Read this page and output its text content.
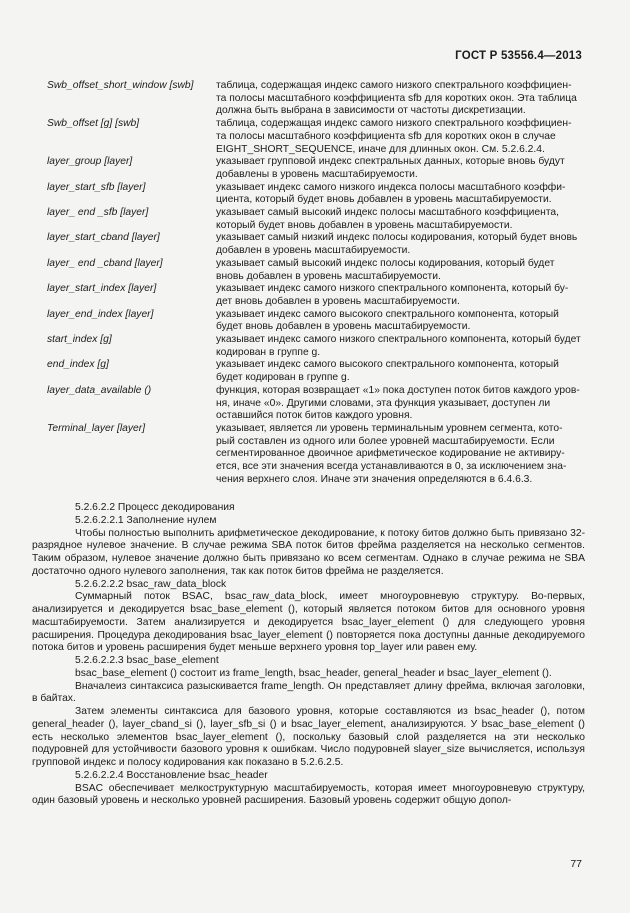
ГОСТ Р 53556.4—2013
Swb_offset_short_window [swb]	таблица, содержащая индекс самого низкого спектрального коэффициен-
та полосы масштабного коэффициента sfb для коротких окон. Эта таблица
должна быть выбрана в зависимости от частоты дискретизации.
Swb_offset [g] [swb]	таблица, содержащая индекс самого низкого спектрального коэффициен-
та полосы масштабного коэффициента sfb для коротких окон в случае
EIGHT_SHORT_SEQUENCE, иначе для длинных окон. См. 5.2.6.2.4.
layer_group [layer]	указывает групповой индекс спектральных данных, которые вновь будут
добавлены в уровень масштабируемости.
layer_start_sfb [layer]	указывает индекс самого низкого индекса полосы масштабного коэффи-
циента, который будет вновь добавлен в уровень масштабируемости.
layer_ end _sfb [layer]	указывает самый высокий индекс полосы масштабного коэффициента,
который будет вновь добавлен в уровень масштабируемости.
layer_start_cband [layer]	указывает самый низкий индекс полосы кодирования, который будет вновь
добавлен в уровень масштабируемости.
layer_ end _cband [layer]	указывает самый высокий индекс полосы кодирования, который будет
вновь добавлен в уровень масштабируемости.
layer_start_index [layer]	указывает индекс самого низкого спектрального компонента, который бу-
дет вновь добавлен в уровень масштабируемости.
layer_end_index [layer]	указывает индекс самого высокого спектрального компонента, который
будет вновь добавлен в уровень масштабируемости.
start_index [g]	указывает индекс самого низкого спектрального компонента, который будет
кодирован в группе g.
end_index [g]	указывает индекс самого высокого спектрального компонента, который
будет кодирован в группе g.
layer_data_available ()	функция, которая возвращает «1» пока доступен поток битов каждого уров-
ня, иначе «0». Другими словами, эта функция указывает, доступен ли
оставшийся поток битов каждого уровня.
Terminal_layer [layer]	указывает, является ли уровень терминальным уровнем сегмента, кото-
рый составлен из одного или более уровней масштабируемости. Если
сегментированное двоичное арифметическое кодирование не активиру-
ется, все эти значения всегда устанавливаются в 0, за исключением зна-
чения верхнего слоя. Иначе эти значения определяются в 6.4.6.3.

5.2.6.2.2 Процесс декодирования

5.2.6.2.2.1 Заполнение нулем

Чтобы полностью выполнить арифметическое декодирование, к потоку битов должно быть привязано 32-разрядное нулевое значение. В случае режима SBA поток битов фрейма разделяется на несколько сегментов. Таким образом, нулевое значение должно быть привязано ко всем сегментам. Однако в случае режима не SBA достаточно одного нулевого заполнения, так как поток битов фрейма не разделяется.

5.2.6.2.2.2 bsac_raw_data_block

Суммарный поток BSAC, bsac_raw_data_block, имеет многоуровневую структуру. Во-первых, анализируется и декодируется bsac_base_element (), который является потоком битов для основного уровня масштабируемости. Затем анализируется и декодируется bsac_layer_element () для следующего уровня расширения. Процедура декодирования bsac_layer_element () повторяется пока доступны данные декодируемого потока битов и уровень расширения будет меньше верхнего уровня top_layer или равен ему.

5.2.6.2.2.3 bsac_base_element

bsac_base_element () состоит из frame_length, bsac_header, general_header и bsac_layer_element ().

Вначалеиз синтаксиса разыскивается frame_length. Он представляет длину фрейма, включая заголовки, в байтах.

Затем элементы синтаксиса для базового уровня, которые составляются из bsac_header (), потом general_header (), layer_cband_si (), layer_sfb_si () и bsac_layer_element, анализируются. У bsac_base_element () есть несколько элементов bsac_layer_element (), поскольку базовый слой разделяется на эти несколько подуровней для устойчивости базового уровня к ошибкам. Число подуровней slayer_size вычисляется, используя групповой индекс и полосу кодирования как показано в 5.2.6.2.5.

5.2.6.2.2.4 Восстановление bsac_header

BSAC обеспечивает мелкоструктурную масштабируемость, которая имеет многоуровневую структуру, один базовый уровень и несколько уровней расширения. Базовый уровень содержит общую допол-

77
